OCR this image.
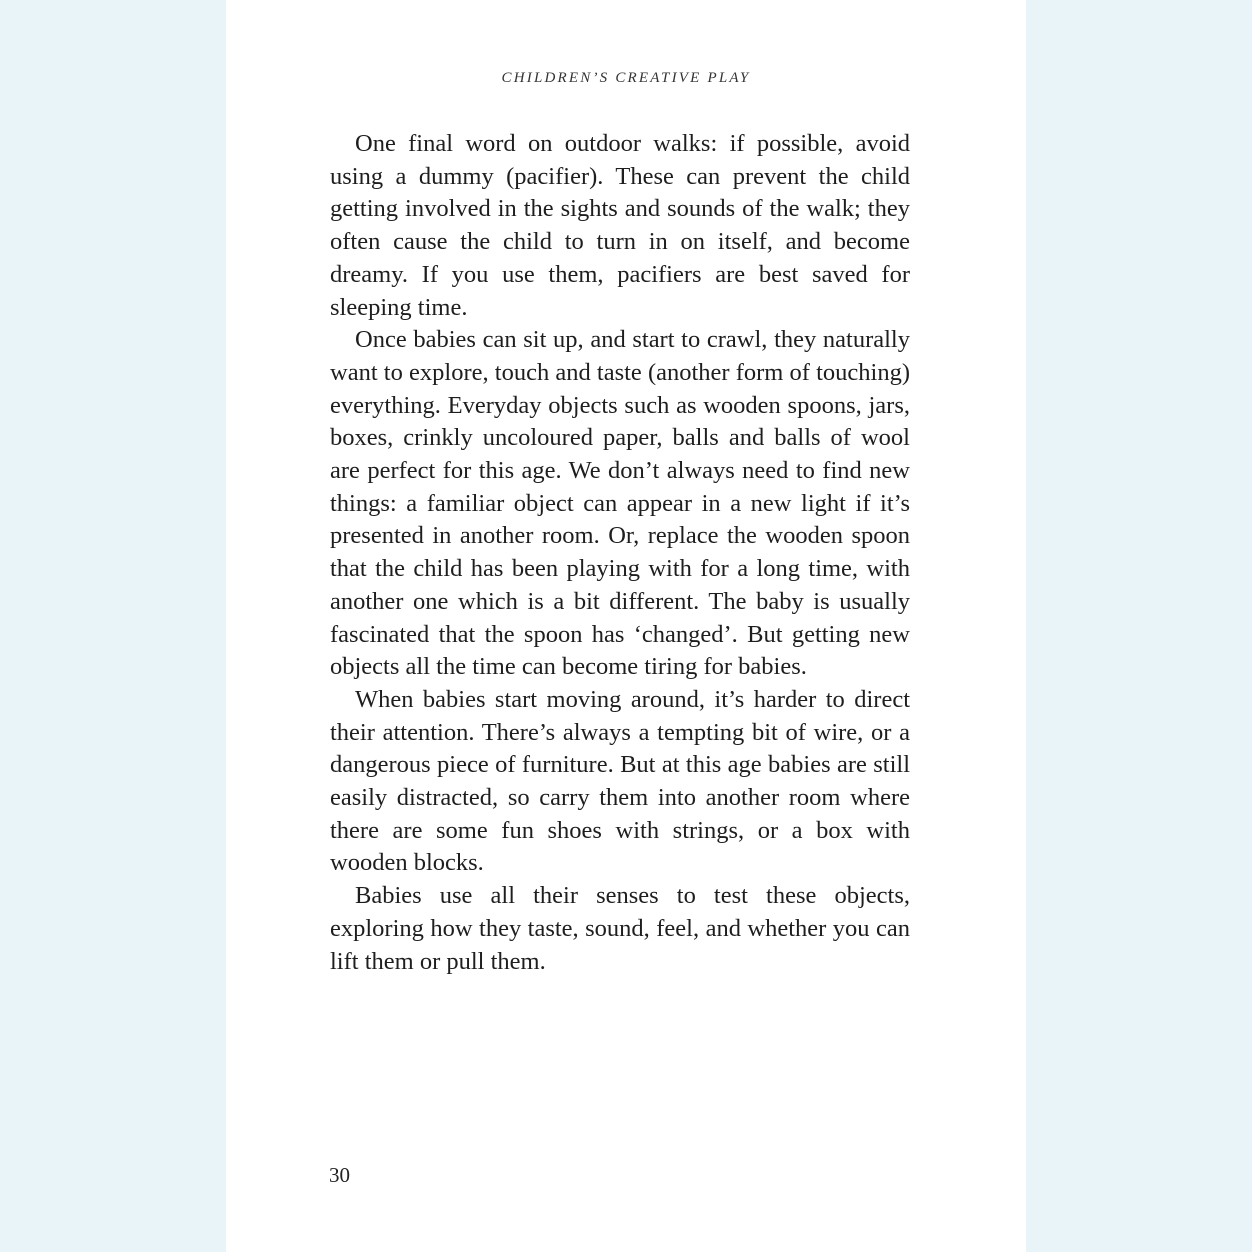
CHILDREN’S CREATIVE PLAY

One final word on outdoor walks: if possible, avoid using a dummy (pacifier). These can prevent the child getting involved in the sights and sounds of the walk; they often cause the child to turn in on itself, and become dreamy. If you use them, pacifiers are best saved for sleeping time.

Once babies can sit up, and start to crawl, they naturally want to explore, touch and taste (another form of touching) everything. Everyday objects such as wooden spoons, jars, boxes, crinkly uncoloured paper, balls and balls of wool are perfect for this age. We don’t always need to find new things: a familiar object can appear in a new light if it’s presented in another room. Or, replace the wooden spoon that the child has been playing with for a long time, with another one which is a bit different. The baby is usually fascinated that the spoon has ‘changed’. But getting new objects all the time can become tiring for babies.

When babies start moving around, it’s harder to direct their attention. There’s always a tempting bit of wire, or a dangerous piece of furniture. But at this age babies are still easily distracted, so carry them into another room where there are some fun shoes with strings, or a box with wooden blocks.

Babies use all their senses to test these objects, exploring how they taste, sound, feel, and whether you can lift them or pull them.

30
